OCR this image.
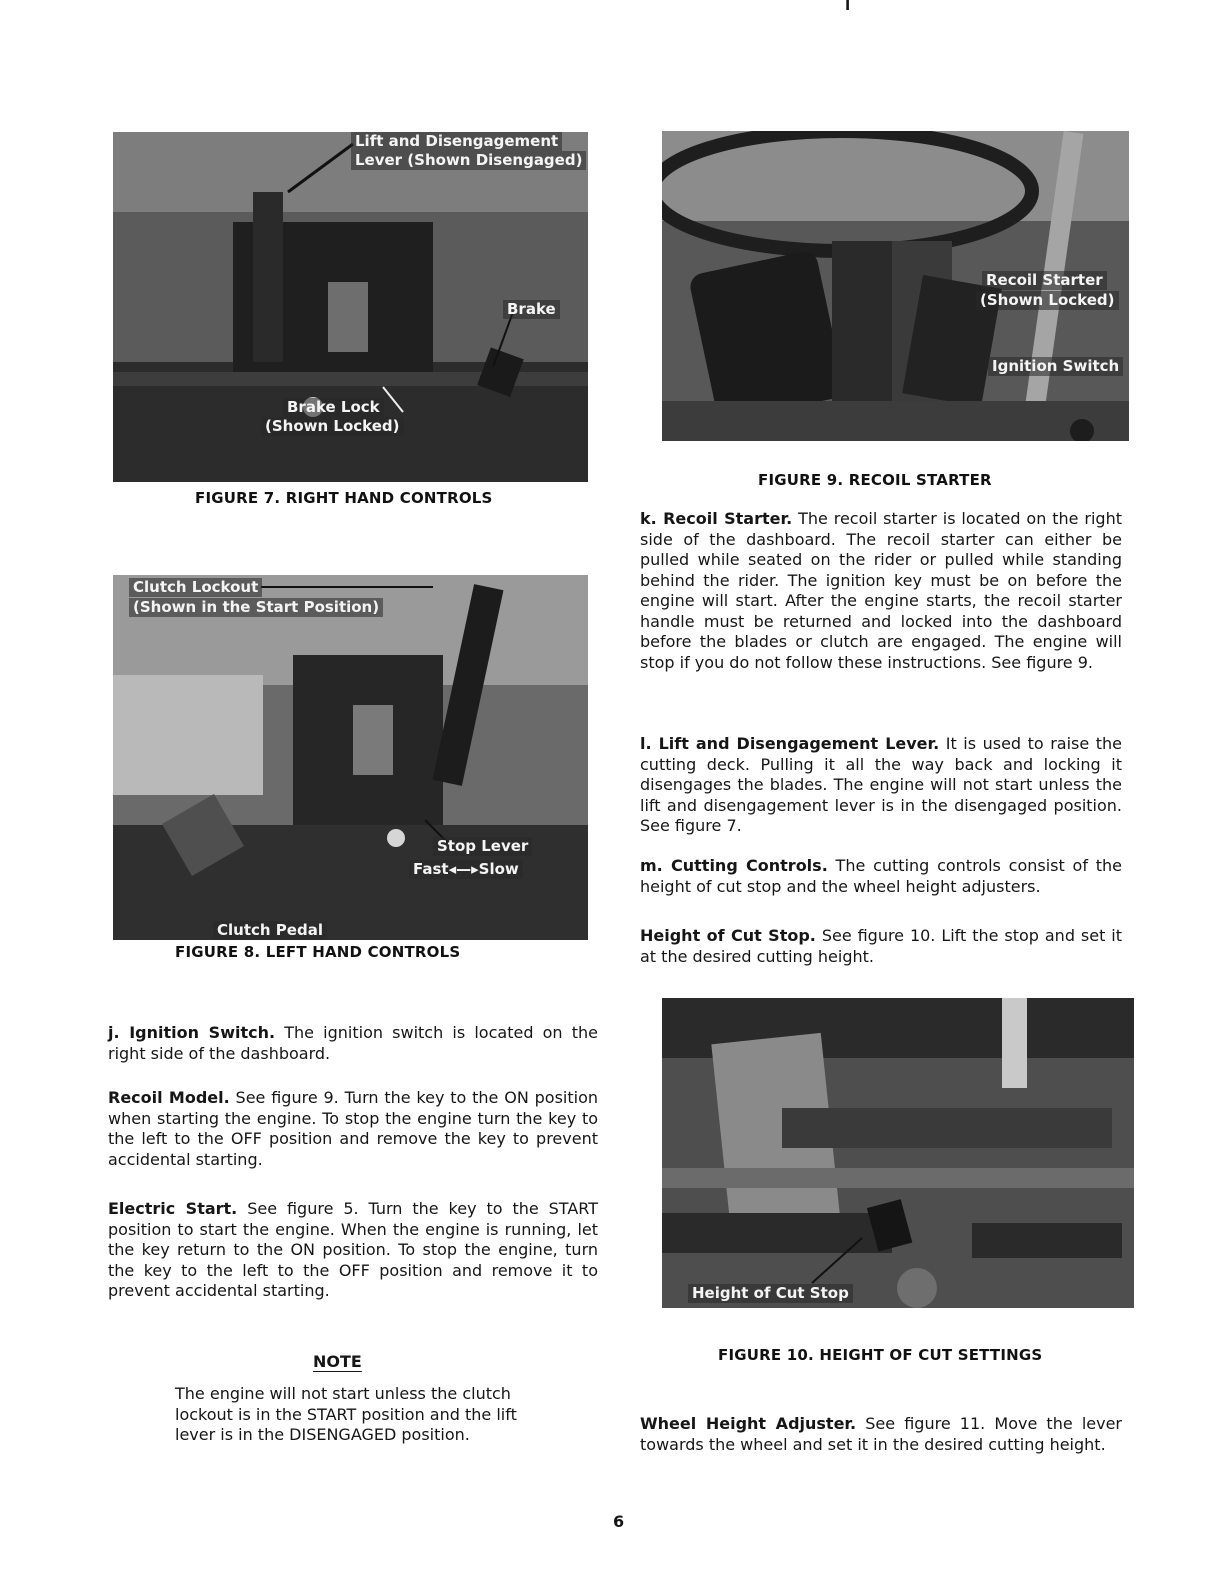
I
Lift and Disengagement
Lever (Shown Disengaged)
Brake
Brake Lock
(Shown Locked)
FIGURE 7. RIGHT HAND CONTROLS
Clutch Lockout
(Shown in the Start Position)
Stop Lever
Fast◂—▸Slow
Clutch Pedal
FIGURE 8. LEFT HAND CONTROLS
Recoil Starter
(Shown Locked)
Ignition Switch
FIGURE 9. RECOIL STARTER
Height of Cut Stop
FIGURE 10. HEIGHT OF CUT SETTINGS
j. Ignition Switch. The ignition switch is located on the right side of the dashboard.
Recoil Model. See figure 9. Turn the key to the ON position when starting the engine. To stop the engine turn the key to the left to the OFF position and remove the key to prevent accidental starting.
Electric Start. See figure 5. Turn the key to the START position to start the engine. When the engine is running, let the key return to the ON position. To stop the engine, turn the key to the left to the OFF position and remove it to prevent accidental starting.
NOTE
The engine will not start unless the clutch lockout is in the START position and the lift lever is in the DISENGAGED position.
k. Recoil Starter. The recoil starter is located on the right side of the dashboard. The recoil starter can either be pulled while seated on the rider or pulled while standing behind the rider. The ignition key must be on before the engine will start. After the engine starts, the recoil starter handle must be returned and locked into the dashboard before the blades or clutch are engaged. The engine will stop if you do not follow these instructions. See figure 9.
l. Lift and Disengagement Lever. It is used to raise the cutting deck. Pulling it all the way back and locking it disengages the blades. The engine will not start unless the lift and disengagement lever is in the disengaged position. See figure 7.
m. Cutting Controls. The cutting controls consist of the height of cut stop and the wheel height adjusters.
Height of Cut Stop. See figure 10. Lift the stop and set it at the desired cutting height.
Wheel Height Adjuster. See figure 11. Move the lever towards the wheel and set it in the desired cutting height.
6
